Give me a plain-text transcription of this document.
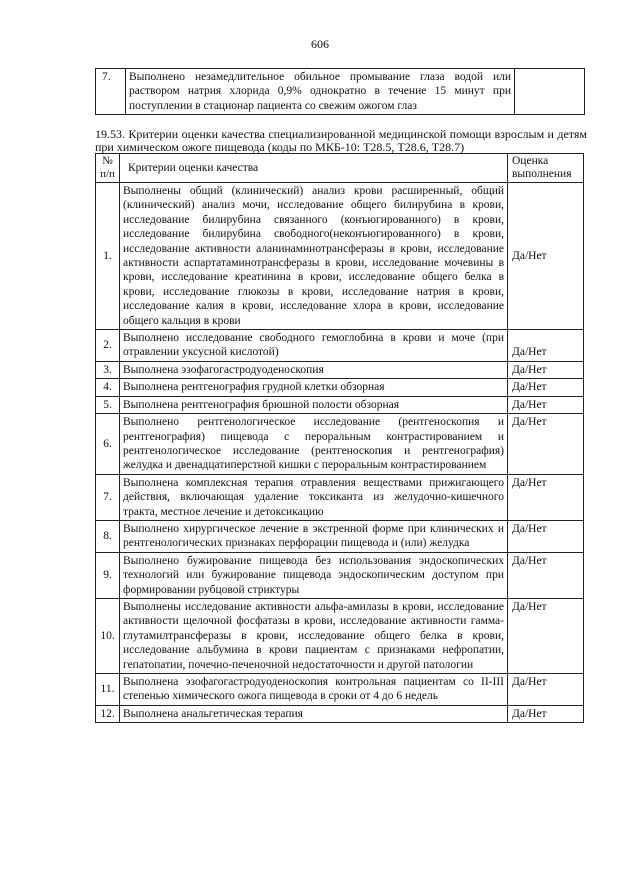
606
7.	Выполнено незамедлительное обильное промывание глаза водой или раствором натрия хлорида 0,9% однократно в течение 15 минут при поступлении в стационар пациента со свежим ожогом глаз	
19.53. Критерии оценки качества специализированной медицинской помощи взрослым и детям при химическом ожоге пищевода (коды по МКБ-10: Т28.5, Т28.6, Т28.7)
№ п/п	Критерии оценки качества	Оценка выполнения
1.	Выполнены общий (клинический) анализ крови расширенный, общий (клинический) анализ мочи, исследование общего билирубина в крови, исследование билирубина связанного (конъюгированного) в крови, исследование билирубина свободного(неконъюгированного) в крови, исследование активности аланинаминотрансферазы в крови, исследование активности аспартатаминотрансферазы в крови, исследование мочевины в крови, исследование креатинина в крови, исследование общего белка в крови, исследование глюкозы в крови, исследование натрия в крови, исследование калия в крови, исследование хлора в крови, исследование общего кальция в крови	Да/Нет
2.	Выполнено исследование свободного гемоглобина в крови и моче (при отравлении уксусной кислотой)	Да/Нет
3.	Выполнена эзофагогастродуоденоскопия	Да/Нет
4.	Выполнена рентгенография грудной клетки обзорная	Да/Нет
5.	Выполнена рентгенография брюшной полости обзорная	Да/Нет
6.	Выполнено рентгенологическое исследование (рентгеноскопия и рентгенография) пищевода с пероральным контрастированием и рентгенологическое исследование (рентгеноскопия и рентгенография) желудка и двенадцатиперстной кишки с пероральным контрастированием	Да/Нет
7.	Выполнена комплексная терапия отравления веществами прижигающего действия, включающая удаление токсиканта из желудочно-кишечного тракта, местное лечение и детоксикацию	Да/Нет
8.	Выполнено хирургическое лечение в экстренной форме при клинических и рентгенологических признаках перфорации пищевода и (или) желудка	Да/Нет
9.	Выполнено бужирование пищевода без использования эндоскопических технологий или бужирование пищевода эндоскопическим доступом при формировании рубцовой стриктуры	Да/Нет
10.	Выполнены исследование активности альфа-амилазы в крови, исследование активности щелочной фосфатазы в крови, исследование активности гамма-глутамилтрансферазы в крови, исследование общего белка в крови, исследование альбумина в крови пациентам с признаками нефропатии, гепатопатии, почечно-печеночной недостаточности и другой патологии	Да/Нет
11.	Выполнена эзофагогастродуоденоскопия контрольная пациентам со II-III степенью химического ожога пищевода в сроки от 4 до 6 недель	Да/Нет
12.	Выполнена анальгетическая терапия	Да/Нет
